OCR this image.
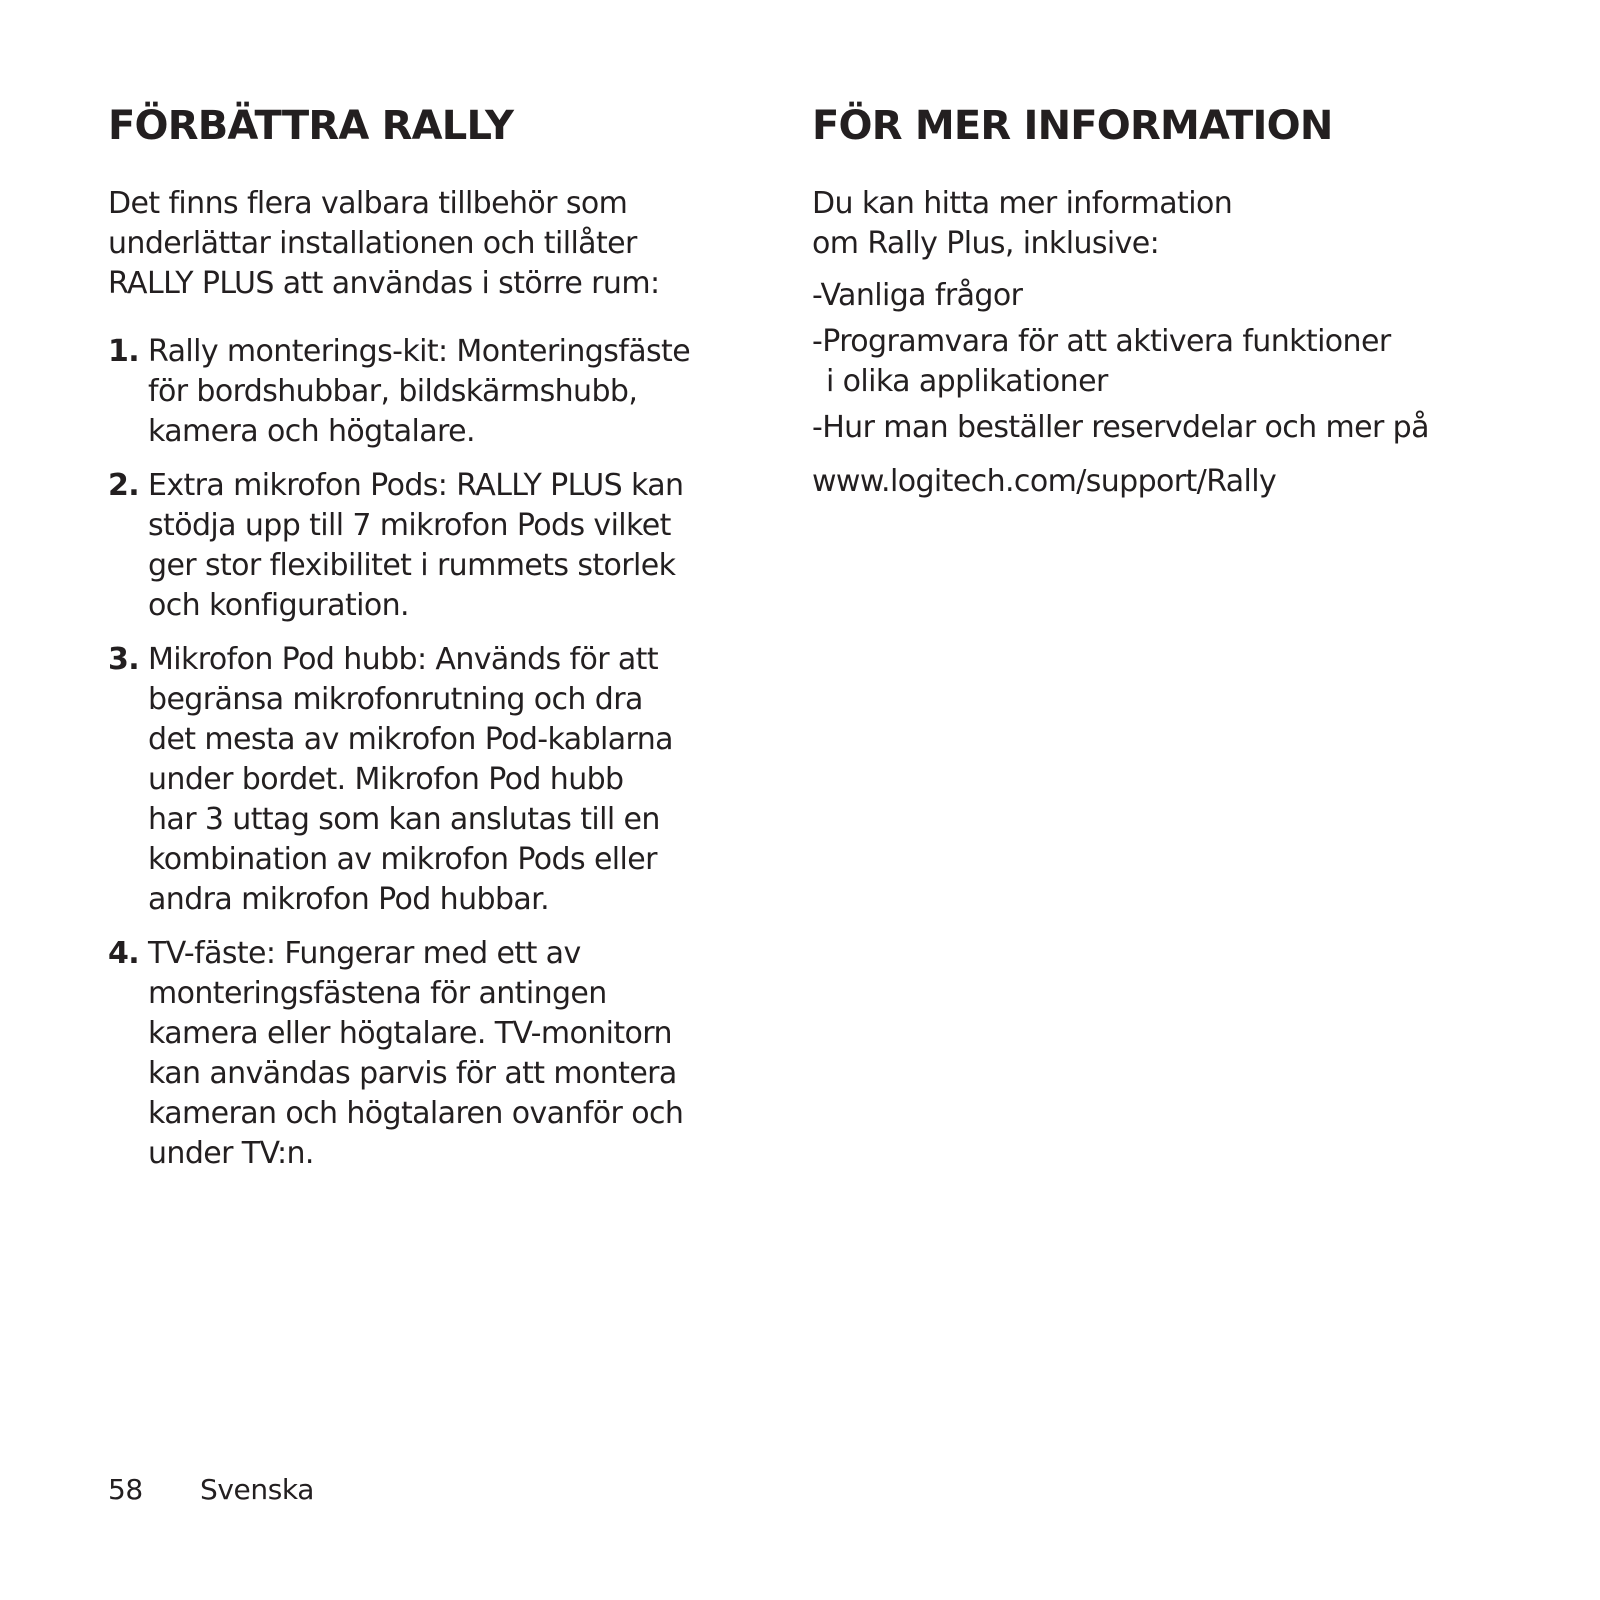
FÖRBÄTTRA RALLY

Det finns flera valbara tillbehör som
underlättar installationen och tillåter
RALLY PLUS att användas i större rum:

1. Rally monterings-kit: Monteringsfäste
för bordshubbar, bildskärmshubb,
kamera och högtalare.
2. Extra mikrofon Pods: RALLY PLUS kan
stödja upp till 7 mikrofon Pods vilket
ger stor flexibilitet i rummets storlek
och konfiguration.
3. Mikrofon Pod hubb: Används för att
begränsa mikrofonrutning och dra
det mesta av mikrofon Pod-kablarna
under bordet. Mikrofon Pod hubb
har 3 uttag som kan anslutas till en
kombination av mikrofon Pods eller
andra mikrofon Pod hubbar.
4. TV-fäste: Fungerar med ett av
monteringsfästena för antingen
kamera eller högtalare. TV-monitorn
kan användas parvis för att montera
kameran och högtalaren ovanför och
under TV:n.
FÖR MER INFORMATION

Du kan hitta mer information
om Rally Plus, inklusive:

-Vanliga frågor
-Programvara för att aktivera funktioner
i olika applikationer
-Hur man beställer reservdelar och mer på
www.logitech.com/support/Rally
58 Svenska
